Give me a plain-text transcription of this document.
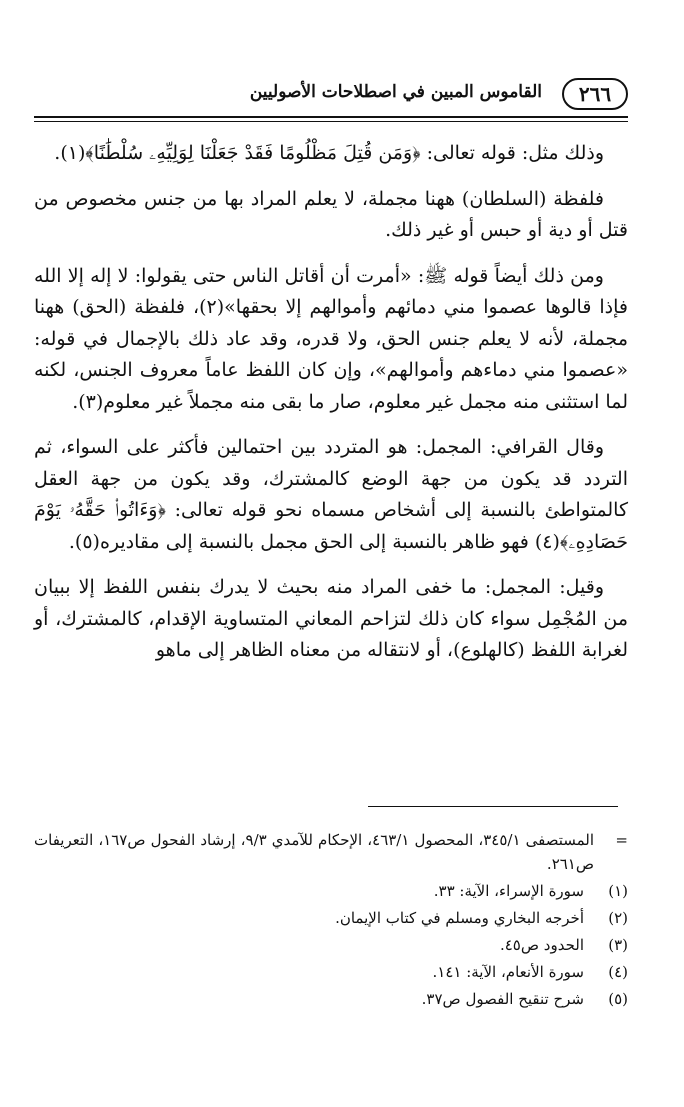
٢٦٦
القاموس المبين في اصطلاحات الأصوليين

وذلك مثل: قوله تعالى: ﴿وَمَن قُتِلَ مَظْلُومًا فَقَدْ جَعَلْنَا لِوَلِيِّهِۦ سُلْطَٰنًا﴾(١).

فلفظة (السلطان) ههنا مجملة، لا يعلم المراد بها من جنس مخصوص من قتل أو دية أو حبس أو غير ذلك.

ومن ذلك أيضاً قوله ﷺ: «أمرت أن أقاتل الناس حتى يقولوا: لا إله إلا الله فإذا قالوها عصموا مني دمائهم وأموالهم إلا بحقها»(٢)، فلفظة (الحق) ههنا مجملة، لأنه لا يعلم جنس الحق، ولا قدره، وقد عاد ذلك بالإجمال في قوله: «عصموا مني دماءهم وأموالهم»، وإن كان اللفظ عاماً معروف الجنس، لكنه لما استثنى منه مجمل غير معلوم، صار ما بقى منه مجملاً غير معلوم(٣).

وقال القرافي: المجمل: هو المتردد بين احتمالين فأكثر على السواء، ثم التردد قد يكون من جهة الوضع كالمشترك، وقد يكون من جهة العقل كالمتواطئ بالنسبة إلى أشخاص مسماه نحو قوله تعالى: ﴿وَءَاتُوا۟ حَقَّهُۥ يَوْمَ حَصَادِهِۦ﴾(٤) فهو ظاهر بالنسبة إلى الحق مجمل بالنسبة إلى مقاديره(٥).

وقيل: المجمل: ما خفى المراد منه بحيث لا يدرك بنفس اللفظ إلا ببيان من المُجْمِل سواء كان ذلك لتزاحم المعاني المتساوية الإقدام، كالمشترك، أو لغرابة اللفظ (كالهلوع)، أو لانتقاله من معناه الظاهر إلى ماهو

=
المستصفى ٣٤٥/١، المحصول ٤٦٣/١، الإحكام للآمدي ٩/٣، إرشاد الفحول ص١٦٧، التعريفات ص٢٦١.
(١)
سورة الإسراء، الآية: ٣٣.
(٢)
أخرجه البخاري ومسلم في كتاب الإيمان.
(٣)
الحدود ص٤٥.
(٤)
سورة الأنعام، الآية: ١٤١.
(٥)
شرح تنقيح الفصول ص٣٧.
